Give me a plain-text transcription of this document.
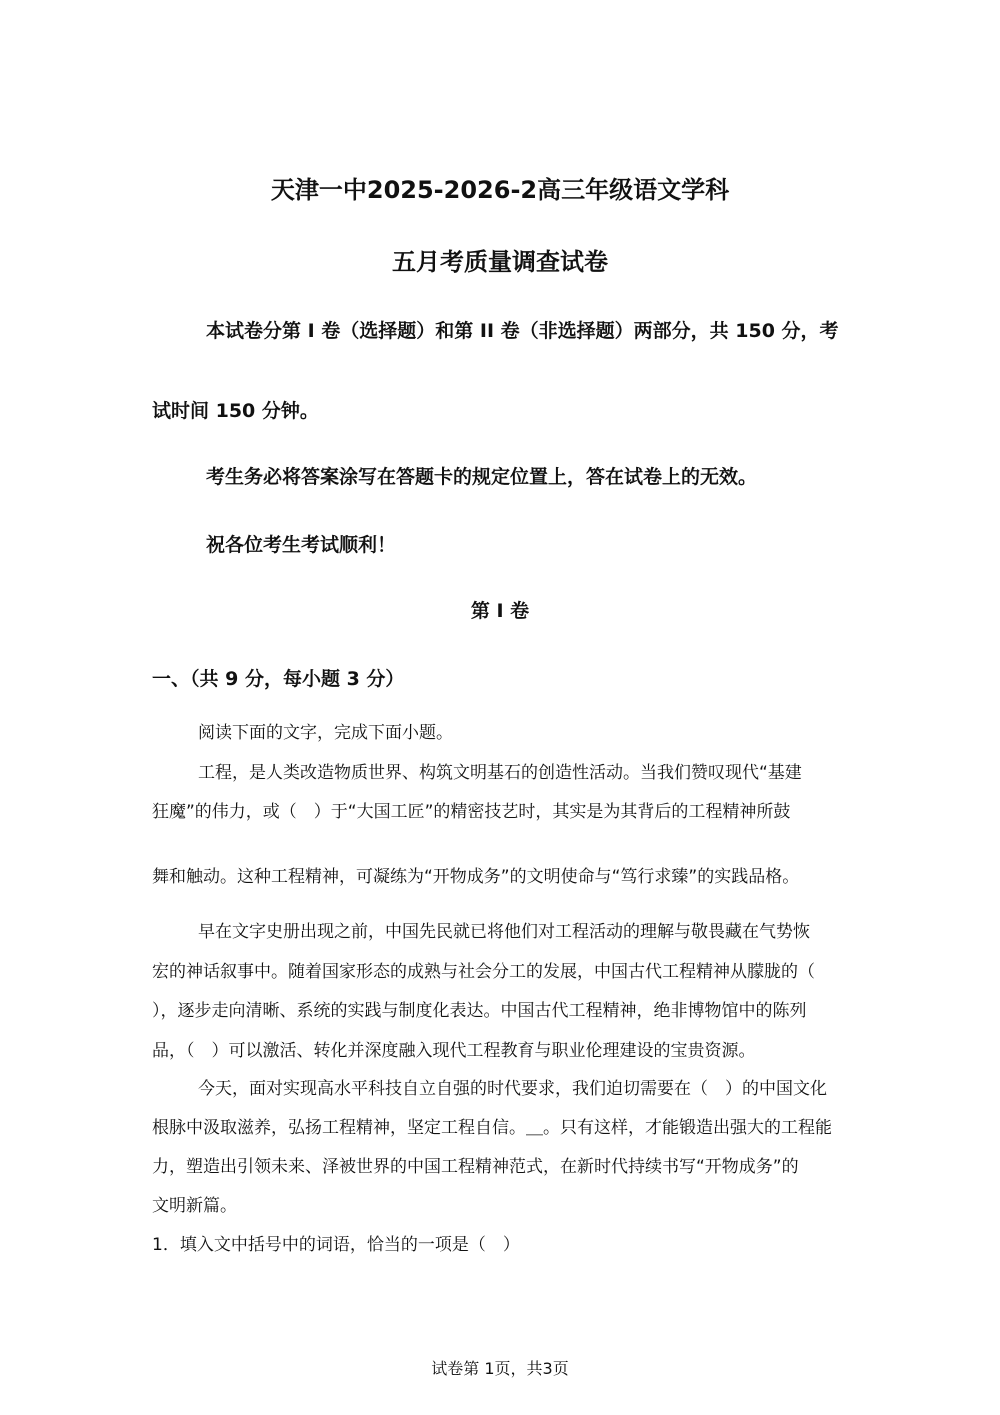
天津一中2025-2026-2高三年级语文学科
五月考质量调查试卷
本试卷分第 I 卷（选择题）和第 II 卷（非选择题）两部分，共 150 分，考
试时间 150 分钟。
考生务必将答案涂写在答题卡的规定位置上，答在试卷上的无效。
祝各位考生考试顺利！
第 I 卷
一、（共 9 分，每小题 3 分）
阅读下面的文字，完成下面小题。
工程，是人类改造物质世界、构筑文明基石的创造性活动。当我们赞叹现代“基建
狂魔”的伟力，或（　）于“大国工匠”的精密技艺时，其实是为其背后的工程精神所鼓
舞和触动。这种工程精神，可凝练为“开物成务”的文明使命与“笃行求臻”的实践品格。
早在文字史册出现之前，中国先民就已将他们对工程活动的理解与敬畏藏在气势恢
宏的神话叙事中。随着国家形态的成熟与社会分工的发展，中国古代工程精神从朦胧的（
），逐步走向清晰、系统的实践与制度化表达。中国古代工程精神，绝非博物馆中的陈列
品，（　）可以激活、转化并深度融入现代工程教育与职业伦理建设的宝贵资源。
今天，面对实现高水平科技自立自强的时代要求，我们迫切需要在（　）的中国文化
根脉中汲取滋养，弘扬工程精神，坚定工程自信。＿。只有这样，才能锻造出强大的工程能
力，塑造出引领未来、泽被世界的中国工程精神范式，在新时代持续书写“开物成务”的
文明新篇。
1．填入文中括号中的词语，恰当的一项是（　）
试卷第 1页，共3页
